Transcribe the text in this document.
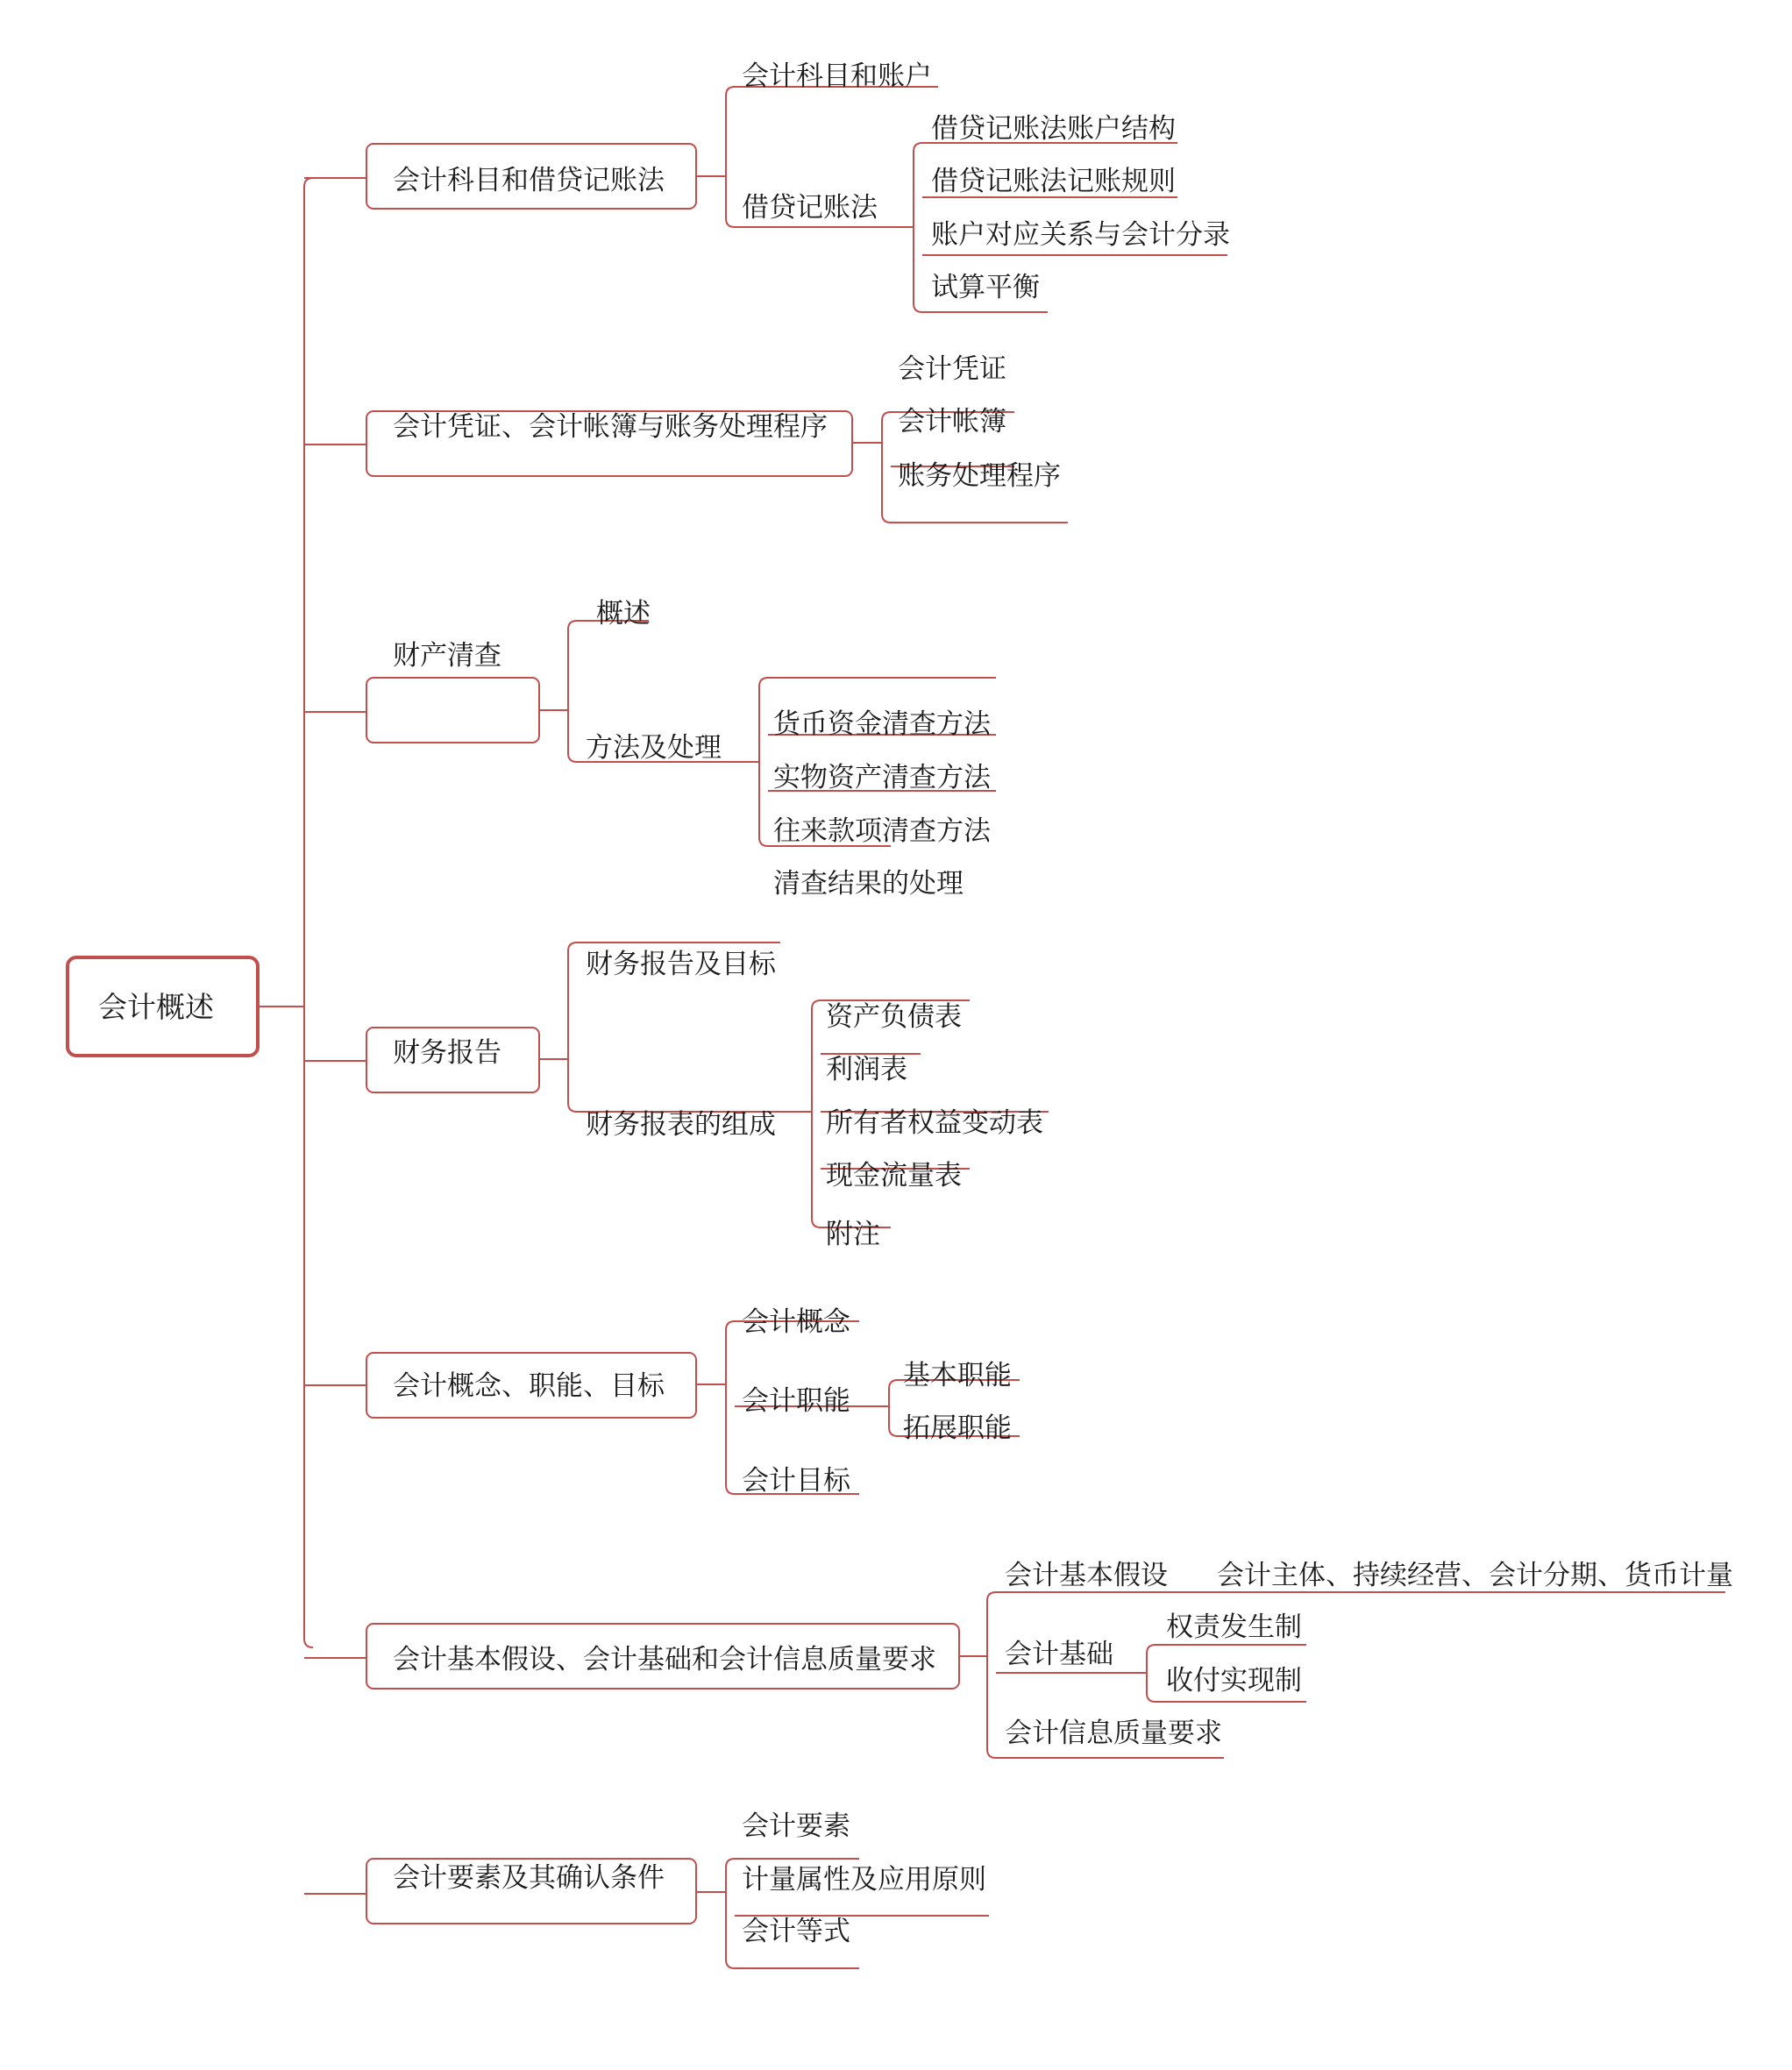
会计概述
会计科目和借贷记账法
会计凭证、会计帐簿与账务处理程序
财产清查
财务报告
会计概念、职能、目标
会计基本假设、会计基础和会计信息质量要求
会计要素及其确认条件
会计科目和账户
借贷记账法
借贷记账法账户结构
借贷记账法记账规则
账户对应关系与会计分录
试算平衡
会计凭证
会计帐簿
账务处理程序
概述
方法及处理
货币资金清查方法
实物资产清查方法
往来款项清查方法
清查结果的处理
财务报告及目标
财务报表的组成
资产负债表
利润表
所有者权益变动表
现金流量表
附注
会计概念
会计职能
会计目标
基本职能
拓展职能
会计基本假设
会计基础
会计信息质量要求
会计主体、持续经营、会计分期、货币计量
权责发生制
收付实现制
会计要素
计量属性及应用原则
会计等式
